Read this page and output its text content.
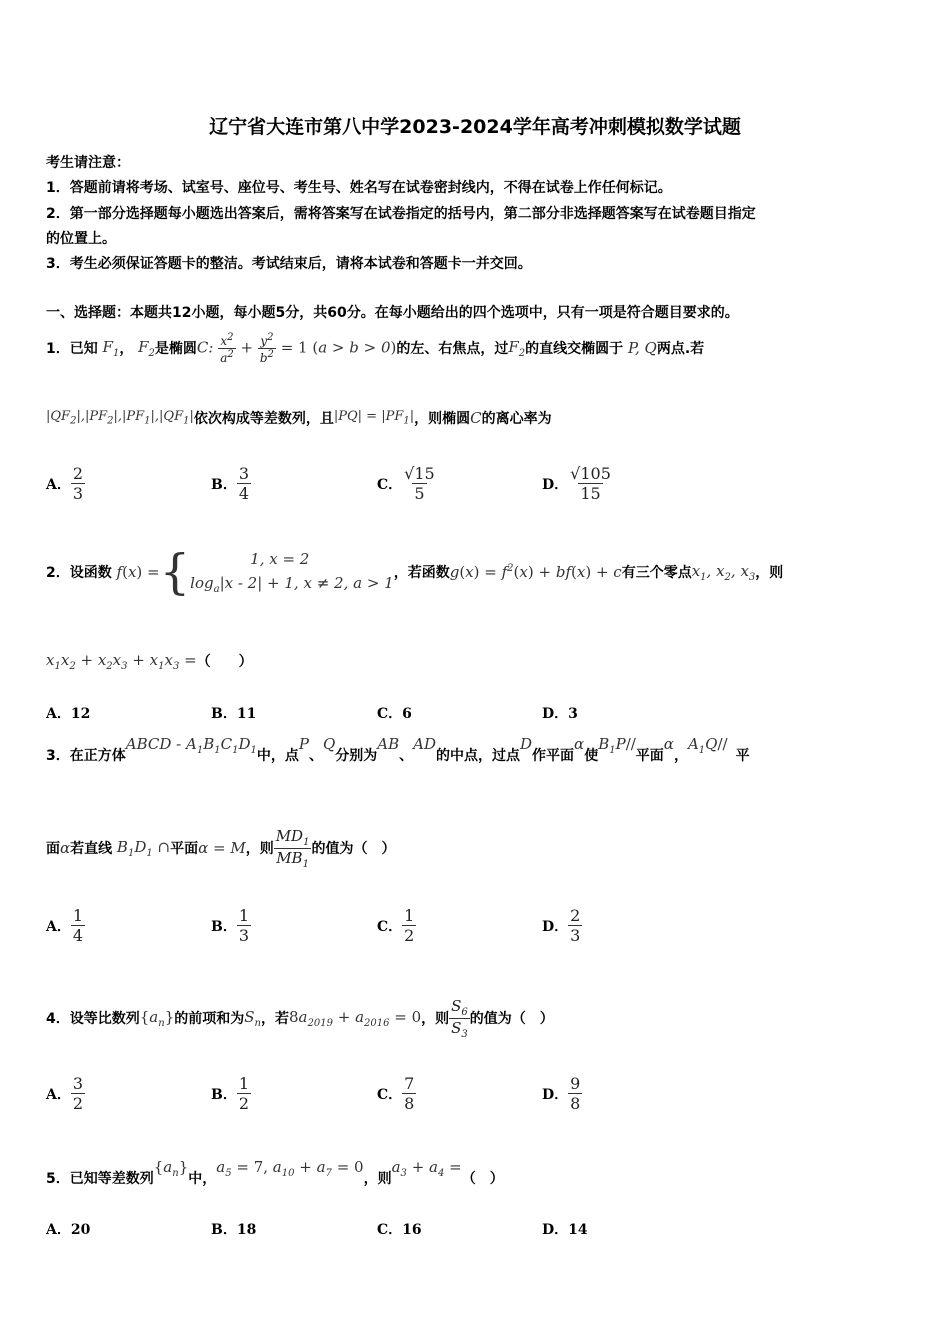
辽宁省大连市第八中学2023-2024学年高考冲刺模拟数学试题
考生请注意：
1．答题前请将考场、试室号、座位号、考生号、姓名写在试卷密封线内，不得在试卷上作任何标记。
2．第一部分选择题每小题选出答案后，需将答案写在试卷指定的括号内，第二部分非选择题答案写在试卷题目指定
的位置上。
3．考生必须保证答题卡的整洁。考试结束后，请将本试卷和答题卡一并交回。
一、选择题：本题共12小题，每小题5分，共60分。在每小题给出的四个选项中，只有一项是符合题目要求的。
1．已知 $F_1$ ， $F_2$ 是椭圆 C: $\frac{x^2}{a^2} + \frac{y^2}{b^2} = 1$ (a > b > 0) 的左、右焦点，过 $F_2$ 的直线交椭圆于 P, Q 两点.若
$|QF_2|,|PF_2|,|PF_1|,|QF_1|$ 依次构成等差数列，且 $|PQ| = |PF_1|$ ，则椭圆 C 的离心率为
A． $\frac{2}{3}$	B． $\frac{3}{4}$	C． $\frac{√15}{5}$	D． $\frac{√105}{15}$
2．设函数 f(x) = {	1, x = 2
$\log_a|x - 2| + 1$, x ≠ 2, a > 1
，若函数 $g(x) = f^2(x) + bf(x) + c$ 有三个零点 $x_1$, $x_2$, $x_3$ ，则
$x_1x_2 + x_2x_3 + x_1x_3$ = （　　）
A．12	B．11	C．6	D．3
3．在正方体
ABCD - $A_1B_1C_1D_1$ 中，点
P
、
Q
分别为
AB
、
AD
的中点，过点
D
作平面
α
使
$B_1P//$
平面
α
，
$A_1Q//$
平
面 α 若直线 $B_1D_1$ ∩ 平面 α = M ，则 $\frac{MD_1}{MB_1}$ 的值为（　）
A． $\frac{1}{4}$	B． $\frac{1}{3}$	C． $\frac{1}{2}$	D． $\frac{2}{3}$
4．设等比数列 $\{a_n\}$ 的前项和为 $S_n$ ，若 $8a_{2019} + a_{2016} = 0$ ，则 $\frac{S_6}{S_3}$ 的值为（　）
A． $\frac{3}{2}$	B． $\frac{1}{2}$	C． $\frac{7}{8}$	D． $\frac{9}{8}$
5．已知等差数列
$\{a_n\}$
中，
$a_5 = 7$, $a_{10} + a_7 = 0$
，则
$a_3 + a_4$ =
（　）
A．20	B．18	C．16	D．14
